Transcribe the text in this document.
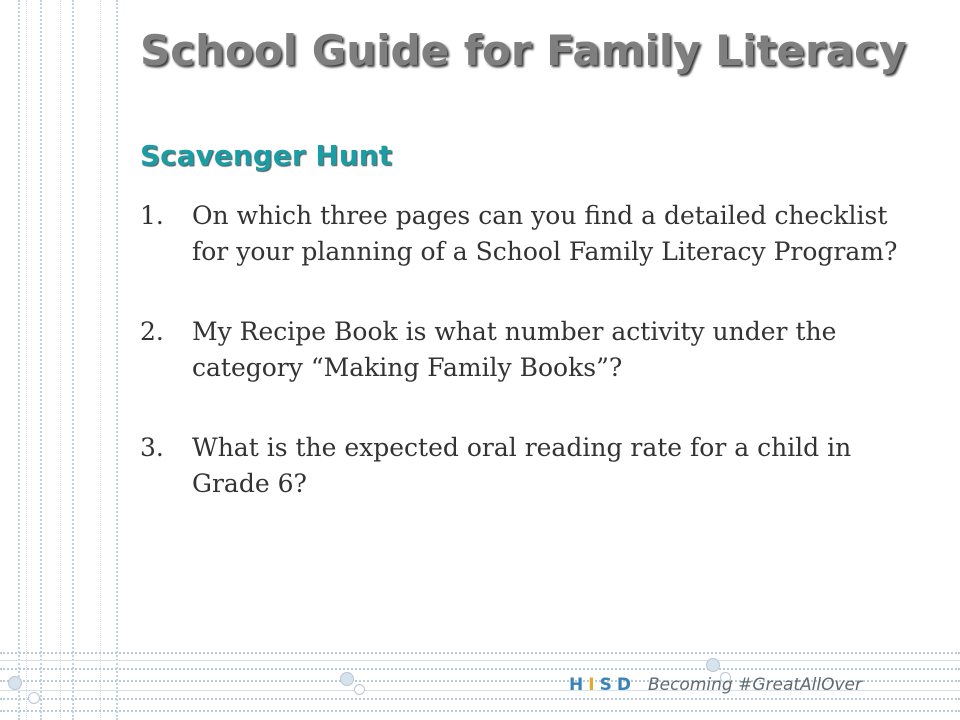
School Guide for Family Literacy
Scavenger Hunt
1. On which three pages can you find a detailed checklist for your planning of a School Family Literacy Program?
2. My Recipe Book is what number activity under the category “Making Family Books”?
3. What is the expected oral reading rate for a child in Grade 6?
HISD Becoming #GreatAllOver
